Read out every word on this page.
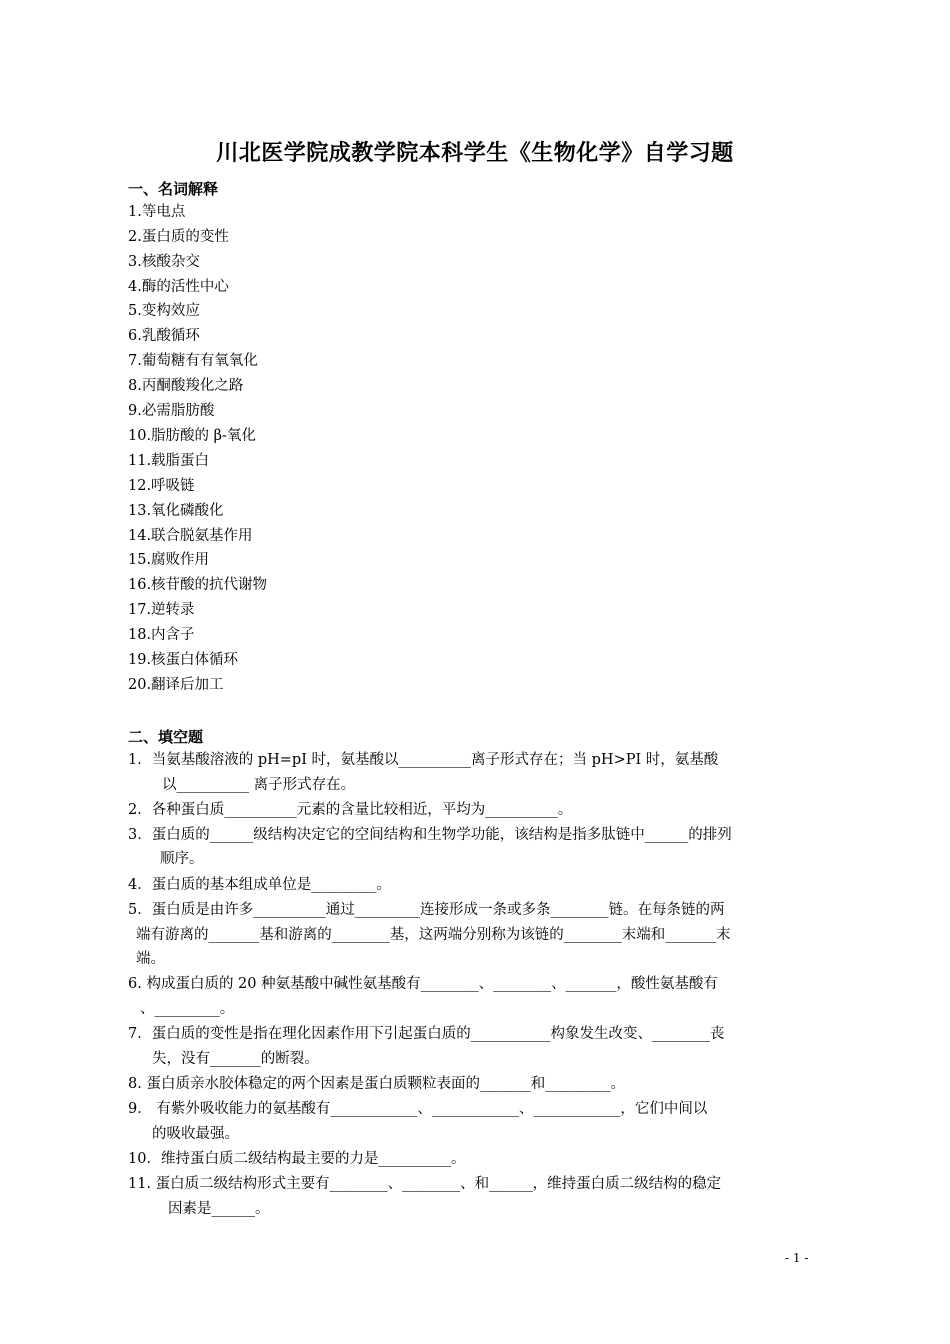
川北医学院成教学院本科学生《生物化学》自学习题
一、名词解释
1.等电点
2.蛋白质的变性
3.核酸杂交
4.酶的活性中心
5.变构效应
6.乳酸循环
7.葡萄糖有有氧氧化
8.丙酮酸羧化之路
9.必需脂肪酸
10.脂肪酸的 β-氧化
11.载脂蛋白
12.呼吸链
13.氧化磷酸化
14.联合脱氨基作用
15.腐败作用
16.核苷酸的抗代谢物
17.逆转录
18.内含子
19.核蛋白体循环
20.翻译后加工
二、填空题
1．当氨基酸溶液的 pH=pI 时，氨基酸以__________离子形式存在；当 pH>PI 时，氨基酸
以__________ 离子形式存在。
2．各种蛋白质__________元素的含量比较相近，平均为__________。
3．蛋白质的______级结构决定它的空间结构和生物学功能，该结构是指多肽链中______的排列
顺序。
4．蛋白质的基本组成单位是_________。
5．蛋白质是由许多__________通过_________连接形成一条或多条________链。在每条链的两
端有游离的_______基和游离的________基，这两端分别称为该链的________末端和_______末
端。
6. 构成蛋白质的 20 种氨基酸中碱性氨基酸有________、________、_______，酸性氨基酸有
、_________。
7．蛋白质的变性是指在理化因素作用下引起蛋白质的___________构象发生改变、________丧
失，没有_______的断裂。
8. 蛋白质亲水胶体稳定的两个因素是蛋白质颗粒表面的_______和_________。
9． 有紫外吸收能力的氨基酸有____________、____________、____________，它们中间以
的吸收最强。
10．维持蛋白质二级结构最主要的力是__________。
11. 蛋白质二级结构形式主要有________、________、和______，维持蛋白质二级结构的稳定
因素是______。
- 1 -
